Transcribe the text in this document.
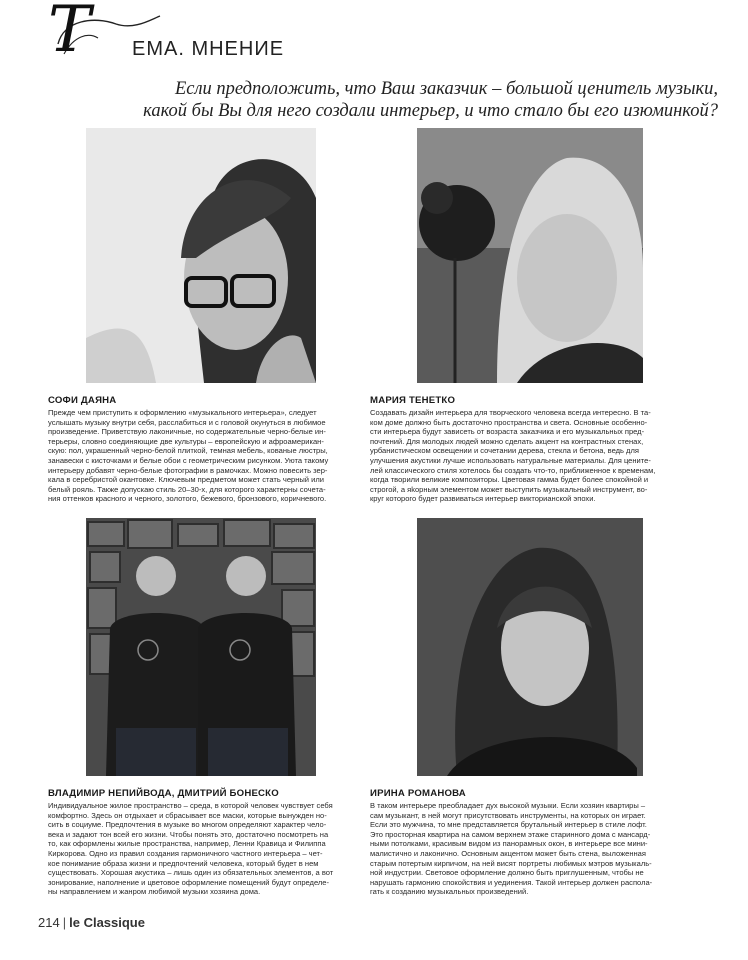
Т ЕМА. МНЕНИЕ
Если предположить, что Ваш заказчик – большой ценитель музыки,
какой бы Вы для него создали интерьер, и что стало бы его изюминкой?
СОФИ ДАЯНА
Прежде чем приступить к оформлению «музыкального интерьера», следует
услышать музыку внутри себя, расслабиться и с головой окунуться в любимое
произведение. Приветствую лаконичные, но содержательные черно-белые ин-
терьеры, словно соединяющие две культуры – европейскую и афроамерикан-
скую: пол, украшенный черно-белой плиткой, темная мебель, кованые люстры,
занавески с кисточками и белые обои с геометрическим рисунком. Уюта такому
интерьеру добавят черно-белые фотографии в рамочках. Можно повесить зер-
кала в серебристой окантовке. Ключевым предметом может стать черный или
белый рояль. Также допускаю стиль 20–30-х, для которого характерны сочета-
ния оттенков красного и черного, золотого, бежевого, бронзового, коричневого.
МАРИЯ ТЕНЕТКО
Создавать дизайн интерьера для творческого человека всегда интересно. В та-
ком доме должно быть достаточно пространства и света. Основные особенно-
сти интерьера будут зависеть от возраста заказчика и его музыкальных пред-
почтений. Для молодых людей можно сделать акцент на контрастных стенах,
урбанистическом освещении и сочетании дерева, стекла и бетона, ведь для
улучшения акустики лучше использовать натуральные материалы. Для цените-
лей классического стиля хотелось бы создать что-то, приближенное к временам,
когда творили великие композиторы. Цветовая гамма будет более спокойной и
строгой, а яkорным элементом может выступить музыкальный инструмент, во-
круг которого будет развиваться интерьер викторианской эпохи.
ВЛАДИМИР НЕПИЙВОДА, ДМИТРИЙ БОНЕСКО
Индивидуальное жилое пространство – среда, в которой человек чувствует себя
комфортно. Здесь он отдыхает и сбрасывает все маски, которые вынужден но-
сить в социуме. Предпочтения в музыке во многом определяют характер чело-
века и задают тон всей его жизни. Чтобы понять это, достаточно посмотреть на
то, как оформлены жилые пространства, например, Ленни Кравица и Филиппа
Киркорова. Одно из правил создания гармоничного частного интерьера – чет-
кое понимание образа жизни и предпочтений человека, который будет в нем
существовать. Хорошая акустика – лишь один из обязательных элементов, а вот
зонирование, наполнение и цветовое оформление помещений будут определе-
ны направлением и жанром любимой музыки хозяина дома.
ИРИНА РОМАНОВА
В таком интерьере преобладает дух высокой музыки. Если хозяин квартиры –
сам музыкант, в ней могут присутствовать инструменты, на которых он играет.
Если это мужчина, то мне представляется брутальный интерьер в стиле лофт.
Это просторная квартира на самом верхнем этаже старинного дома с мансард-
ными потолками, красивым видом из панорамных окон, в интерьере все мини-
малистично и лаконично. Основным акцентом может быть стена, выложенная
старым потертым кирпичом, на ней висят портреты любимых мэтров музыкаль-
ной индустрии. Световое оформление должно быть приглушенным, чтобы не
нарушать гармонию спокойствия и уединения. Такой интерьер должен распола-
гать к созданию музыкальных произведений.
214 | le Classique
